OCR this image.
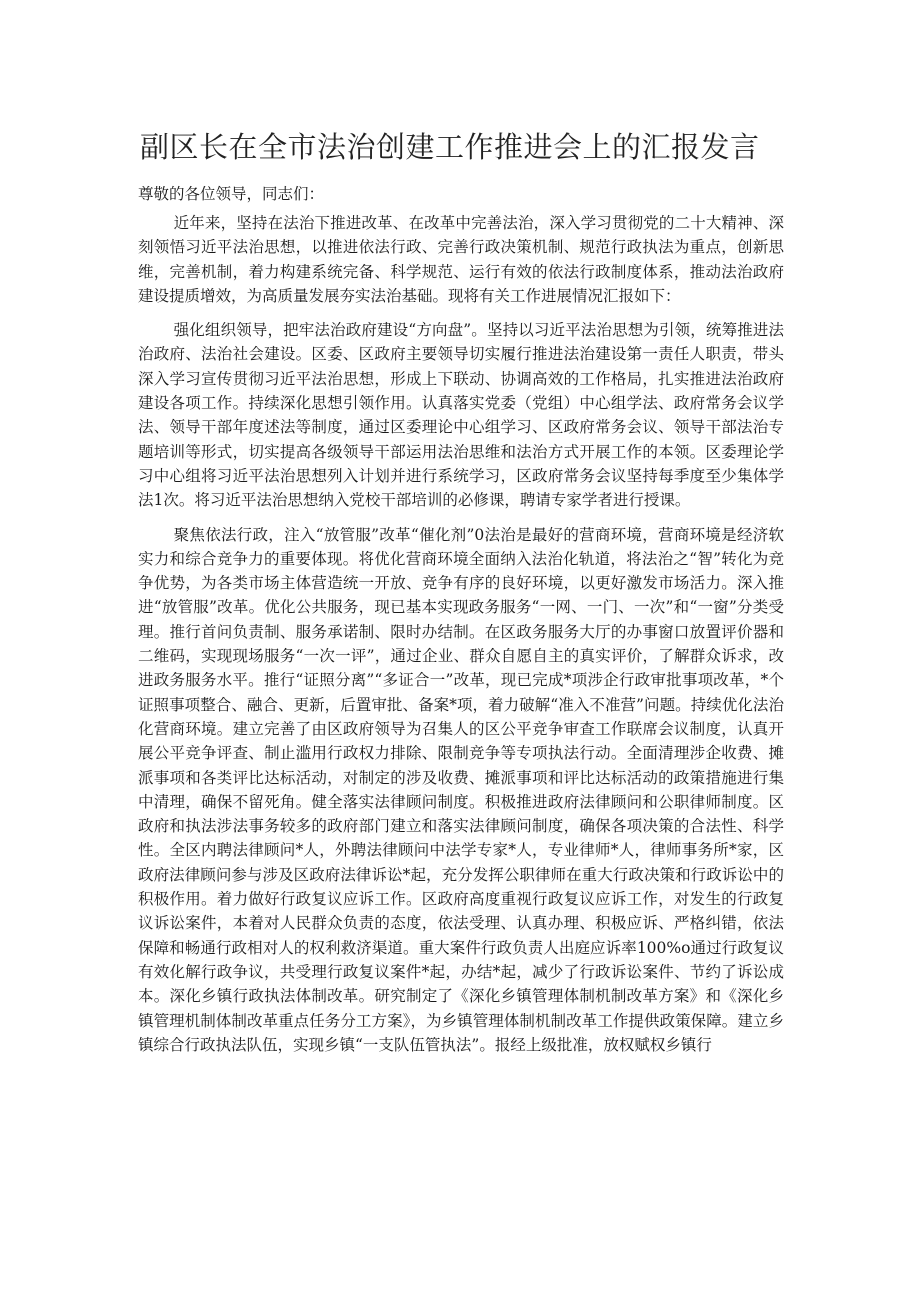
副区长在全市法治创建工作推进会上的汇报发言

尊敬的各位领导，同志们：

近年来，坚持在法治下推进改革、在改革中完善法治，深入学习贯彻党的二十大精神、深刻领悟习近平法治思想，以推进依法行政、完善行政决策机制、规范行政执法为重点，创新思维，完善机制，着力构建系统完备、科学规范、运行有效的依法行政制度体系，推动法治政府建设提质增效，为高质量发展夯实法治基础。现将有关工作进展情况汇报如下：

强化组织领导，把牢法治政府建设“方向盘”。坚持以习近平法治思想为引领，统筹推进法治政府、法治社会建设。区委、区政府主要领导切实履行推进法治建设第一责任人职责，带头深入学习宣传贯彻习近平法治思想，形成上下联动、协调高效的工作格局，扎实推进法治政府建设各项工作。持续深化思想引领作用。认真落实党委（党组）中心组学法、政府常务会议学法、领导干部年度述法等制度，通过区委理论中心组学习、区政府常务会议、领导干部法治专题培训等形式，切实提高各级领导干部运用法治思维和法治方式开展工作的本领。区委理论学习中心组将习近平法治思想列入计划并进行系统学习，区政府常务会议坚持每季度至少集体学法1次。将习近平法治思想纳入党校干部培训的必修课，聘请专家学者进行授课。

聚焦依法行政，注入“放管服”改革“催化剂”0法治是最好的营商环境，营商环境是经济软实力和综合竞争力的重要体现。将优化营商环境全面纳入法治化轨道，将法治之“智”转化为竞争优势，为各类市场主体营造统一开放、竞争有序的良好环境，以更好激发市场活力。深入推进“放管服”改革。优化公共服务，现已基本实现政务服务“一网、一门、一次”和“一窗”分类受理。推行首问负责制、服务承诺制、限时办结制。在区政务服务大厅的办事窗口放置评价器和二维码，实现现场服务“一次一评”，通过企业、群众自愿自主的真实评价，了解群众诉求，改进政务服务水平。推行“证照分离”“多证合一”改革，现已完成*项涉企行政审批事项改革，*个证照事项整合、融合、更新，后置审批、备案*项，着力破解“准入不准营”问题。持续优化法治化营商环境。建立完善了由区政府领导为召集人的区公平竞争审查工作联席会议制度，认真开展公平竞争评查、制止滥用行政权力排除、限制竞争等专项执法行动。全面清理涉企收费、摊派事项和各类评比达标活动，对制定的涉及收费、摊派事项和评比达标活动的政策措施进行集中清理，确保不留死角。健全落实法律顾问制度。积极推进政府法律顾问和公职律师制度。区政府和执法涉法事务较多的政府部门建立和落实法律顾问制度，确保各项决策的合法性、科学性。全区内聘法律顾问*人，外聘法律顾问中法学专家*人，专业律师*人，律师事务所*家，区政府法律顾问参与涉及区政府法律诉讼*起，充分发挥公职律师在重大行政决策和行政诉讼中的积极作用。着力做好行政复议应诉工作。区政府高度重视行政复议应诉工作，对发生的行政复议诉讼案件，本着对人民群众负责的态度，依法受理、认真办理、积极应诉、严格纠错，依法保障和畅通行政相对人的权利救济渠道。重大案件行政负责人出庭应诉率100%o通过行政复议有效化解行政争议，共受理行政复议案件*起，办结*起，减少了行政诉讼案件、节约了诉讼成本。深化乡镇行政执法体制改革。研究制定了《深化乡镇管理体制机制改革方案》和《深化乡镇管理机制体制改革重点任务分工方案》，为乡镇管理体制机制改革工作提供政策保障。建立乡镇综合行政执法队伍，实现乡镇“一支队伍管执法”。报经上级批准，放权赋权乡镇行
